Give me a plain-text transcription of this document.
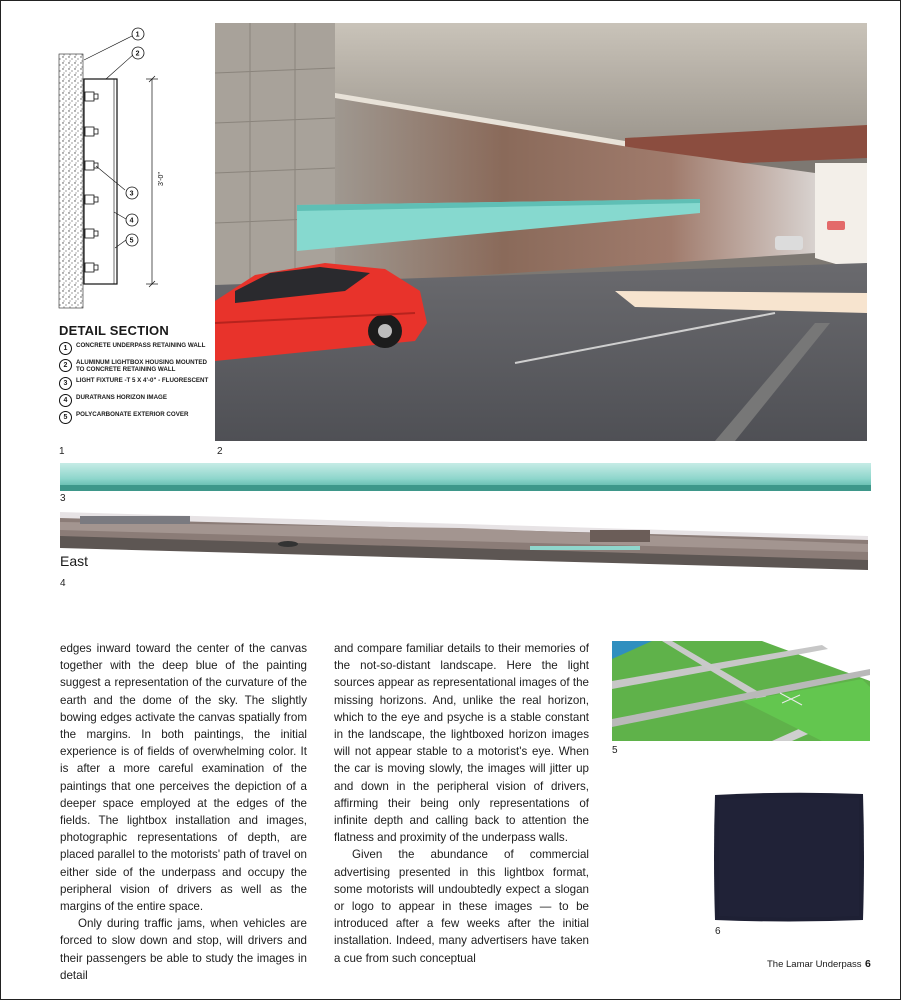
3'-0"
1
2
3
4
5
DETAIL SECTION
1	CONCRETE UNDERPASS RETAINING WALL
2	ALUMINUM LIGHTBOX HOUSING MOUNTED TO CONCRETE RETAINING WALL
3	LIGHT FIXTURE -T 5 X 4'-0" - FLUORESCENT
4	DURATRANS HORIZON IMAGE
5	POLYCARBONATE EXTERIOR COVER
1	2
3
East
4

edges inward toward the center of the canvas together with the deep blue of the painting suggest a representation of the curvature of the earth and the dome of the sky. The slightly bowing edges activate the canvas spatially from the margins. In both paintings, the initial experience is of fields of overwhelming color. It is after a more careful examination of the paintings that one perceives the depiction of a deeper space employed at the edges of the fields. The lightbox installation and images, photographic representations of depth, are placed parallel to the motorists' path of travel on either side of the underpass and occupy the peripheral vision of drivers as well as the margins of the entire space.

Only during traffic jams, when vehicles are forced to slow down and stop, will drivers and their passengers be able to study the images in detail

and compare familiar details to their memories of the not-so-distant landscape. Here the light sources appear as representational images of the missing horizons. And, unlike the real horizon, which to the eye and psyche is a stable constant in the landscape, the lightboxed horizon images will not appear stable to a motorist's eye. When the car is moving slowly, the images will jitter up and down in the peripheral vision of drivers, affirming their being only representations of infinite depth and calling back to attention the flatness and proximity of the underpass walls.

Given the abundance of commercial advertising presented in this lightbox format, some motorists will undoubtedly expect a slogan or logo to appear in these images — to be introduced after a few weeks after the initial installation. Indeed, many advertisers have taken a cue from such conceptual

5
6
The Lamar Underpass 6
